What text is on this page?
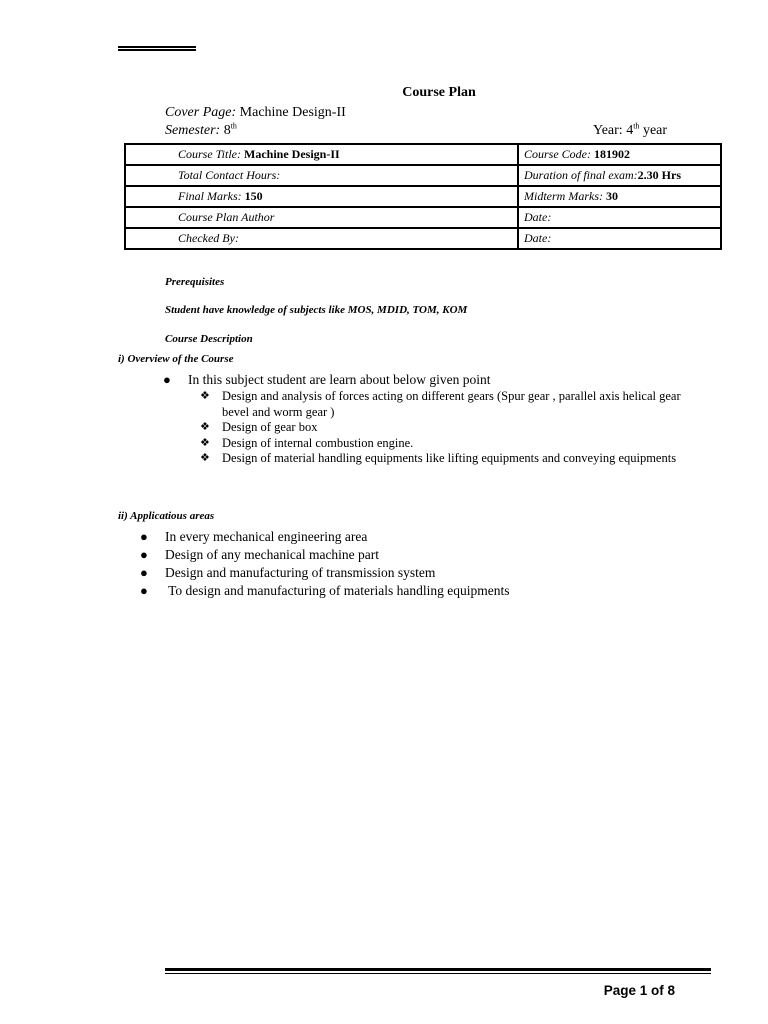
Course Plan
Cover Page: Machine Design-II
Semester: 8th	Year: 4th year
Course Title: Machine Design-II	Course Code: 181902
Total Contact Hours:	Duration of final exam:2.30 Hrs
Final Marks: 150	Midterm Marks: 30
Course Plan Author	Date:
Checked By:	Date:
Prerequisites
Student have knowledge of subjects like MOS, MDID, TOM, KOM
Course Description
i) Overview of the Course
● In this subject student are learn about below given point
❖ Design and analysis of forces acting on different gears (Spur gear , parallel axis helical gear bevel and worm gear )
❖ Design of gear box
❖ Design of internal combustion engine.
❖ Design of material handling equipments like lifting equipments and conveying equipments
ii) Applicatious areas
● In every mechanical engineering area
● Design of any mechanical machine part
● Design and manufacturing of transmission system
● To design and manufacturing of materials handling equipments
Page 1 of 8
